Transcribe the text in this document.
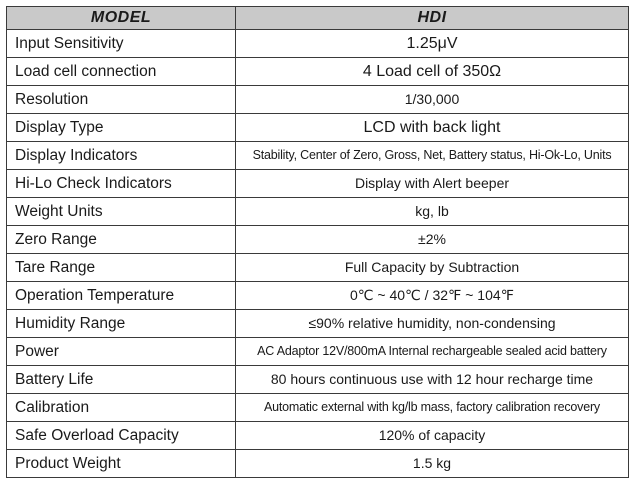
MODEL	HDI
Input Sensitivity	1.25μV
Load cell connection	4 Load cell of 350Ω
Resolution	1/30,000
Display Type	LCD with back light
Display Indicators	Stability, Center of Zero, Gross, Net, Battery status, Hi-Ok-Lo, Units
Hi-Lo Check Indicators	Display with Alert beeper
Weight Units	kg, lb
Zero Range	±2%
Tare Range	Full Capacity by Subtraction
Operation Temperature	0℃ ~ 40℃ / 32℉ ~ 104℉
Humidity Range	≤90% relative humidity, non-condensing
Power	AC Adaptor 12V/800mA Internal rechargeable sealed acid battery
Battery Life	80 hours continuous use with 12 hour recharge time
Calibration	Automatic external with kg/lb mass, factory calibration recovery
Safe Overload Capacity	120% of capacity
Product Weight	1.5 kg
